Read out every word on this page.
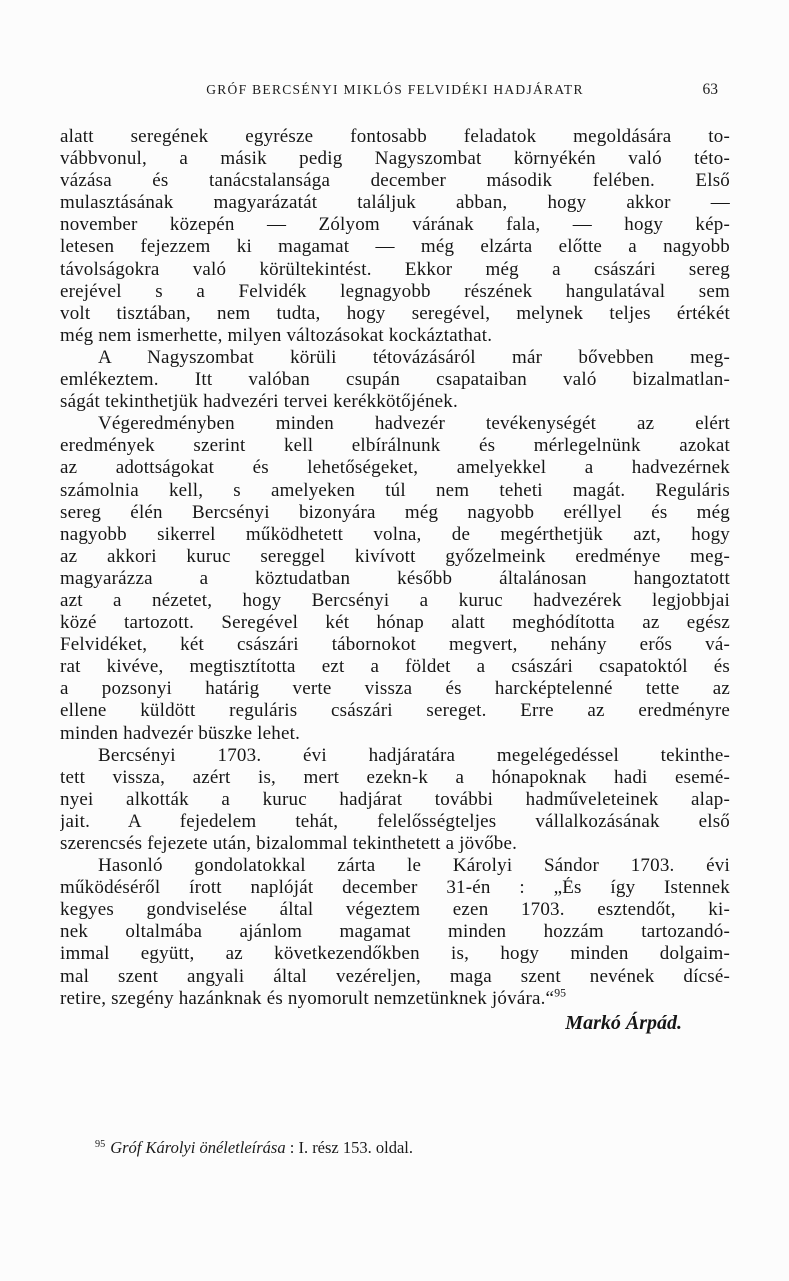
GRÓF BERCSÉNYI MIKLÓS FELVIDÉKI HADJÁRATR	63
alatt seregének egyrésze fontosabb feladatok megoldására to-
vábbvonul, a másik pedig Nagyszombat környékén való této-
vázása és tanácstalansága december második felében. Első
mulasztásának magyarázatát találjuk abban, hogy akkor —
november közepén — Zólyom várának fala, — hogy kép-
letesen fejezzem ki magamat — még elzárta előtte a nagyobb
távolságokra való körültekintést. Ekkor még a császári sereg
erejével s a Felvidék legnagyobb részének hangulatával sem
volt tisztában, nem tudta, hogy seregével, melynek teljes értékét
még nem ismerhette, milyen változásokat kockáztathat.
A Nagyszombat körüli tétovázásáról már bővebben meg-
emlékeztem. Itt valóban csupán csapataiban való bizalmatlan-
ságát tekinthetjük hadvezéri tervei kerékkötőjének.
Végeredményben minden hadvezér tevékenységét az elért
eredmények szerint kell elbírálnunk és mérlegelnünk azokat
az adottságokat és lehetőségeket, amelyekkel a hadvezérnek
számolnia kell, s amelyeken túl nem teheti magát. Reguláris
sereg élén Bercsényi bizonyára még nagyobb eréllyel és még
nagyobb sikerrel működhetett volna, de megérthetjük azt, hogy
az akkori kuruc sereggel kivívott győzelmeink eredménye meg-
magyarázza a köztudatban később általánosan hangoztatott
azt a nézetet, hogy Bercsényi a kuruc hadvezérek legjobbjai
közé tartozott. Seregével két hónap alatt meghódította az egész
Felvidéket, két császári tábornokot megvert, nehány erős vá-
rat kivéve, megtisztította ezt a földet a császári csapatoktól és
a pozsonyi határig verte vissza és harcképtelenné tette az
ellene küldött reguláris császári sereget. Erre az eredményre
minden hadvezér büszke lehet.
Bercsényi 1703. évi hadjáratára megelégedéssel tekinthe-
tett vissza, azért is, mert ezekn-k a hónapoknak hadi esemé-
nyei alkották a kuruc hadjárat további hadműveleteinek alap-
jait. A fejedelem tehát, felelősségteljes vállalkozásának első
szerencsés fejezete után, bizalommal tekinthetett a jövőbe.
Hasonló gondolatokkal zárta le Károlyi Sándor 1703. évi
működéséről írott naplóját december 31-én : „És így Istennek
kegyes gondviselése által végeztem ezen 1703. esztendőt, ki-
nek oltalmába ajánlom magamat minden hozzám tartozandó-
immal együtt, az következendőkben is, hogy minden dolgaim-
mal szent angyali által vezéreljen, maga szent nevének dícsé-
retire, szegény hazánknak és nyomorult nemzetünknek jóvára.“$^{95}$
Markó Árpád.
$^{95}$ Gróf Károlyi önéletleírása : I. rész 153. oldal.
